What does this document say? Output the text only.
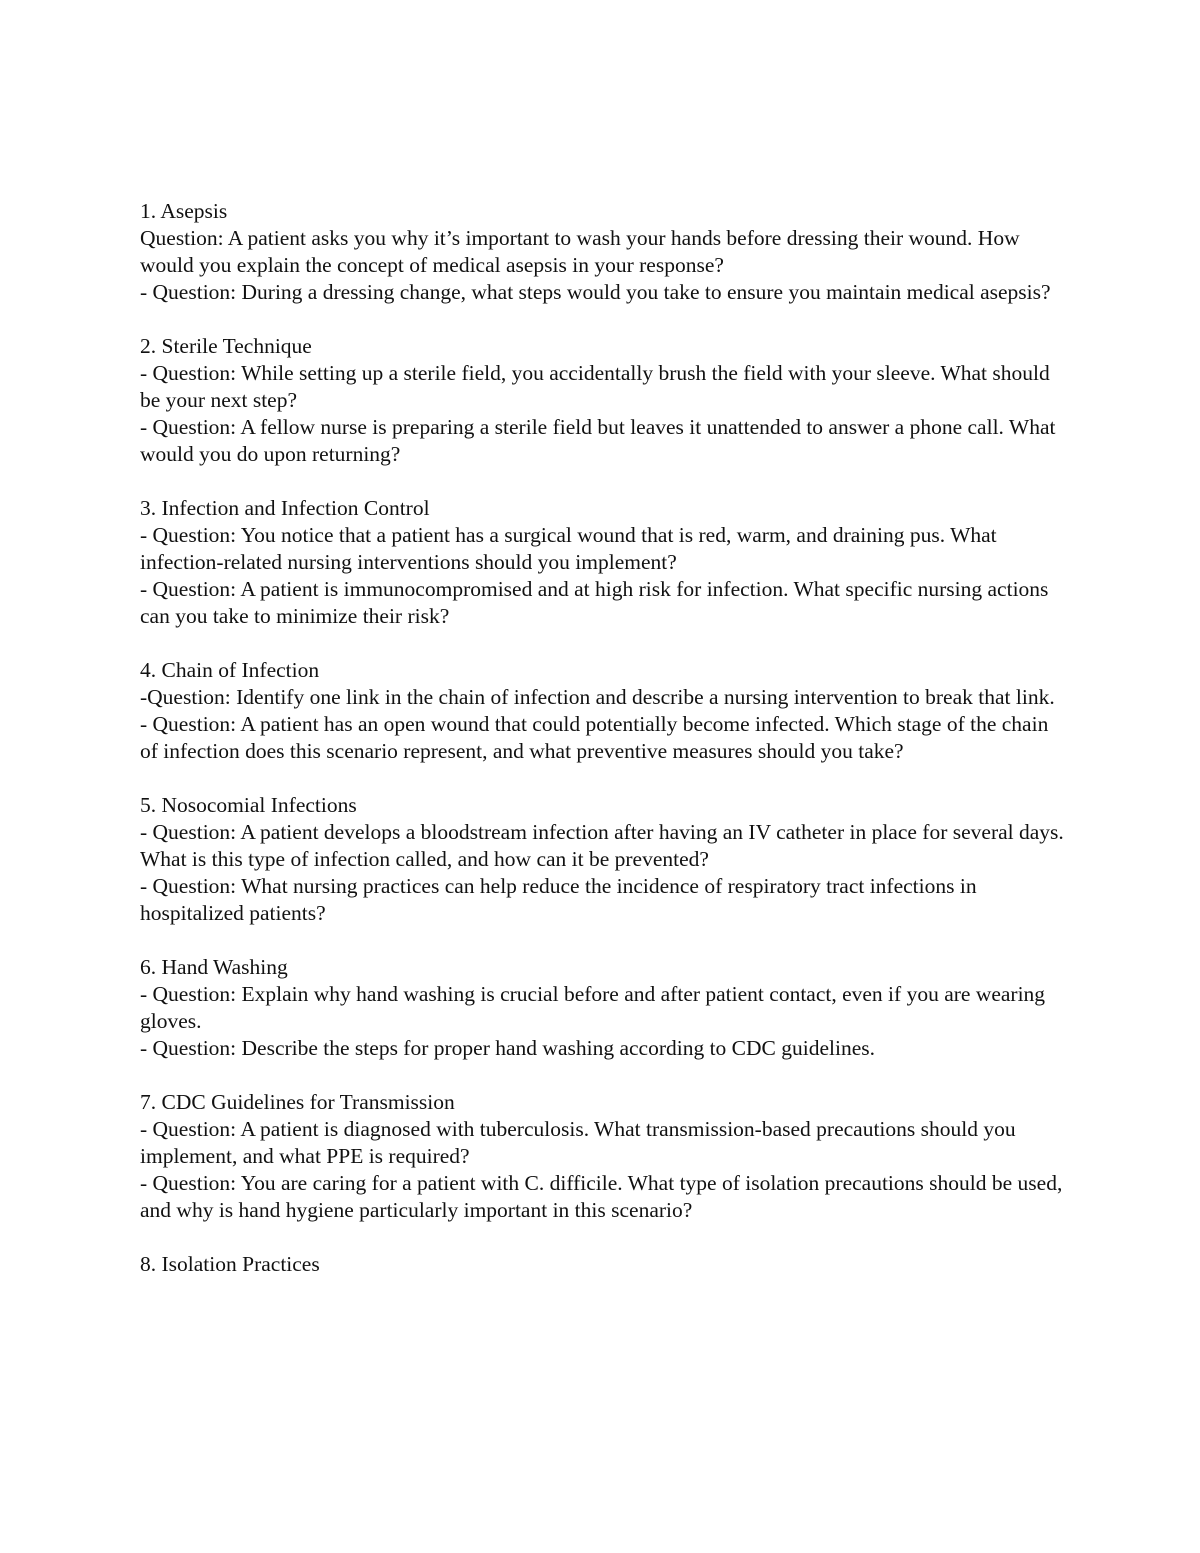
1. Asepsis
Question: A patient asks you why it’s important to wash your hands before dressing their wound. How would you explain the concept of medical asepsis in your response?
- Question: During a dressing change, what steps would you take to ensure you maintain medical asepsis?
2. Sterile Technique
- Question: While setting up a sterile field, you accidentally brush the field with your sleeve. What should be your next step?
- Question: A fellow nurse is preparing a sterile field but leaves it unattended to answer a phone call. What would you do upon returning?
3. Infection and Infection Control
- Question: You notice that a patient has a surgical wound that is red, warm, and draining pus. What infection-related nursing interventions should you implement?
- Question: A patient is immunocompromised and at high risk for infection. What specific nursing actions can you take to minimize their risk?
4. Chain of Infection
-Question: Identify one link in the chain of infection and describe a nursing intervention to break that link.
- Question: A patient has an open wound that could potentially become infected. Which stage of the chain of infection does this scenario represent, and what preventive measures should you take?
5. Nosocomial Infections
- Question: A patient develops a bloodstream infection after having an IV catheter in place for several days. What is this type of infection called, and how can it be prevented?
- Question: What nursing practices can help reduce the incidence of respiratory tract infections in hospitalized patients?
6. Hand Washing
- Question: Explain why hand washing is crucial before and after patient contact, even if you are wearing gloves.
- Question: Describe the steps for proper hand washing according to CDC guidelines.
7. CDC Guidelines for Transmission
- Question: A patient is diagnosed with tuberculosis. What transmission-based precautions should you implement, and what PPE is required?
- Question: You are caring for a patient with C. difficile. What type of isolation precautions should be used, and why is hand hygiene particularly important in this scenario?
8. Isolation Practices
